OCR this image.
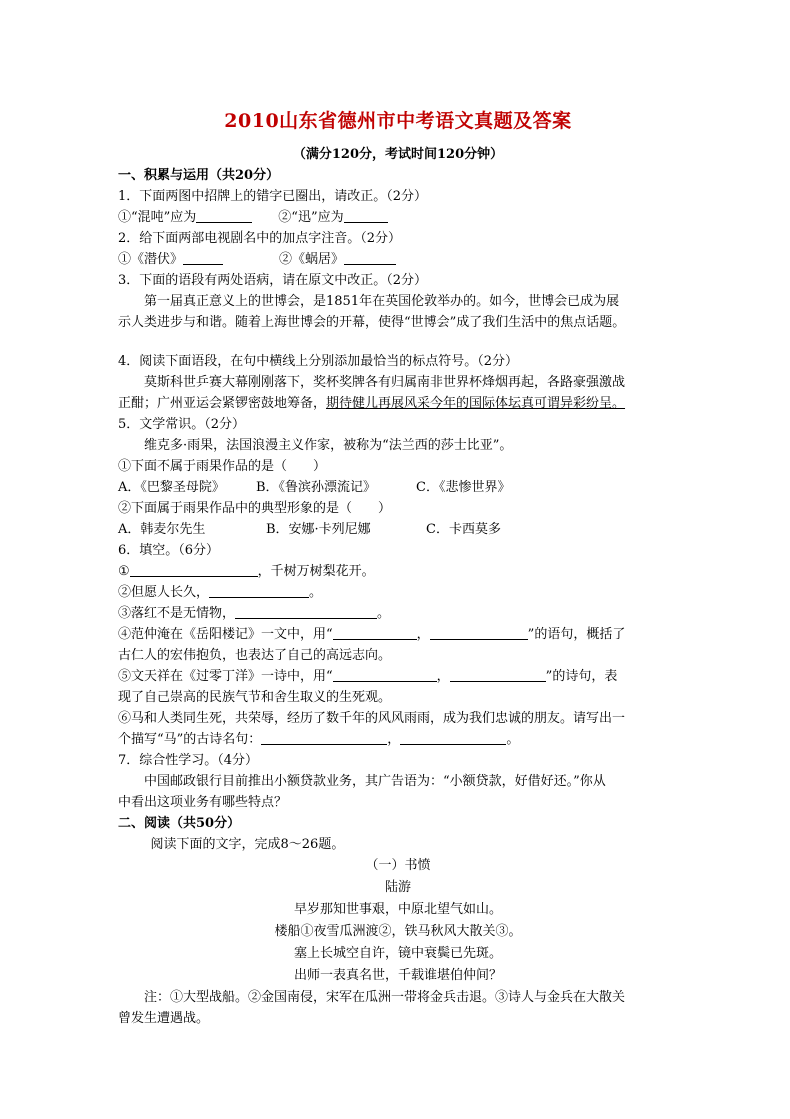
2010山东省德州市中考语文真题及答案
（满分120分，考试时间120分钟）
一、积累与运用（共20分）
1．下面两图中招牌上的错字已圈出，请改正。（2分）
①“混吨”应为	②“迅”应为
2．给下面两部电视剧名中的加点字注音。（2分）
①《潜伏》	②《蜗居》
3．下面的语段有两处语病，请在原文中改正。（2分）
第一届真正意义上的世博会，是1851年在英国伦敦举办的。如今，世博会已成为展
示人类进步与和谐。随着上海世博会的开幕，使得“世博会”成了我们生活中的焦点话题。
4．阅读下面语段，在句中横线上分别添加最恰当的标点符号。（2分）
莫斯科世乒赛大幕刚刚落下，奖杯奖牌各有归属南非世界杯烽烟再起，各路豪强激战
正酣；广州亚运会紧锣密鼓地筹备，期待健儿再展风采今年的国际体坛真可谓异彩纷呈。
5．文学常识。（2分）
维克多·雨果，法国浪漫主义作家，被称为“法兰西的莎士比亚”。
①下面不属于雨果作品的是（　　）
A．《巴黎圣母院》 B．《鲁滨孙漂流记》	C．《悲惨世界》
②下面属于雨果作品中的典型形象的是（　　）
A．韩麦尔先生	B．安娜·卡列尼娜	C．卡西莫多
6．填空。（6分）
①	，千树万树梨花开。
②但愿人长久，	。
③落红不是无情物，	。
④范仲淹在《岳阳楼记》一文中，用“	，	”的语句，概括了
古仁人的宏伟抱负，也表达了自己的高远志向。
⑤文天祥在《过零丁洋》一诗中，用“	，	”的诗句，表
现了自己崇高的民族气节和舍生取义的生死观。
⑥马和人类同生死，共荣辱，经历了数千年的风风雨雨，成为我们忠诚的朋友。请写出一
个描写“马”的古诗名句：	，	。
7．综合性学习。（4分）
中国邮政银行目前推出小额贷款业务，其广告语为：“小额贷款，好借好还。”你从
中看出这项业务有哪些特点？
二、阅读（共50分）
阅读下面的文字，完成8～26题。
（一）书愤
陆游
早岁那知世事艰，中原北望气如山。
楼船①夜雪瓜洲渡②，铁马秋风大散关③。
塞上长城空自许，镜中衰鬓已先斑。
出师一表真名世，千载谁堪伯仲间？
注：①大型战船。②金国南侵，宋军在瓜洲一带将金兵击退。③诗人与金兵在大散关
曾发生遭遇战。
